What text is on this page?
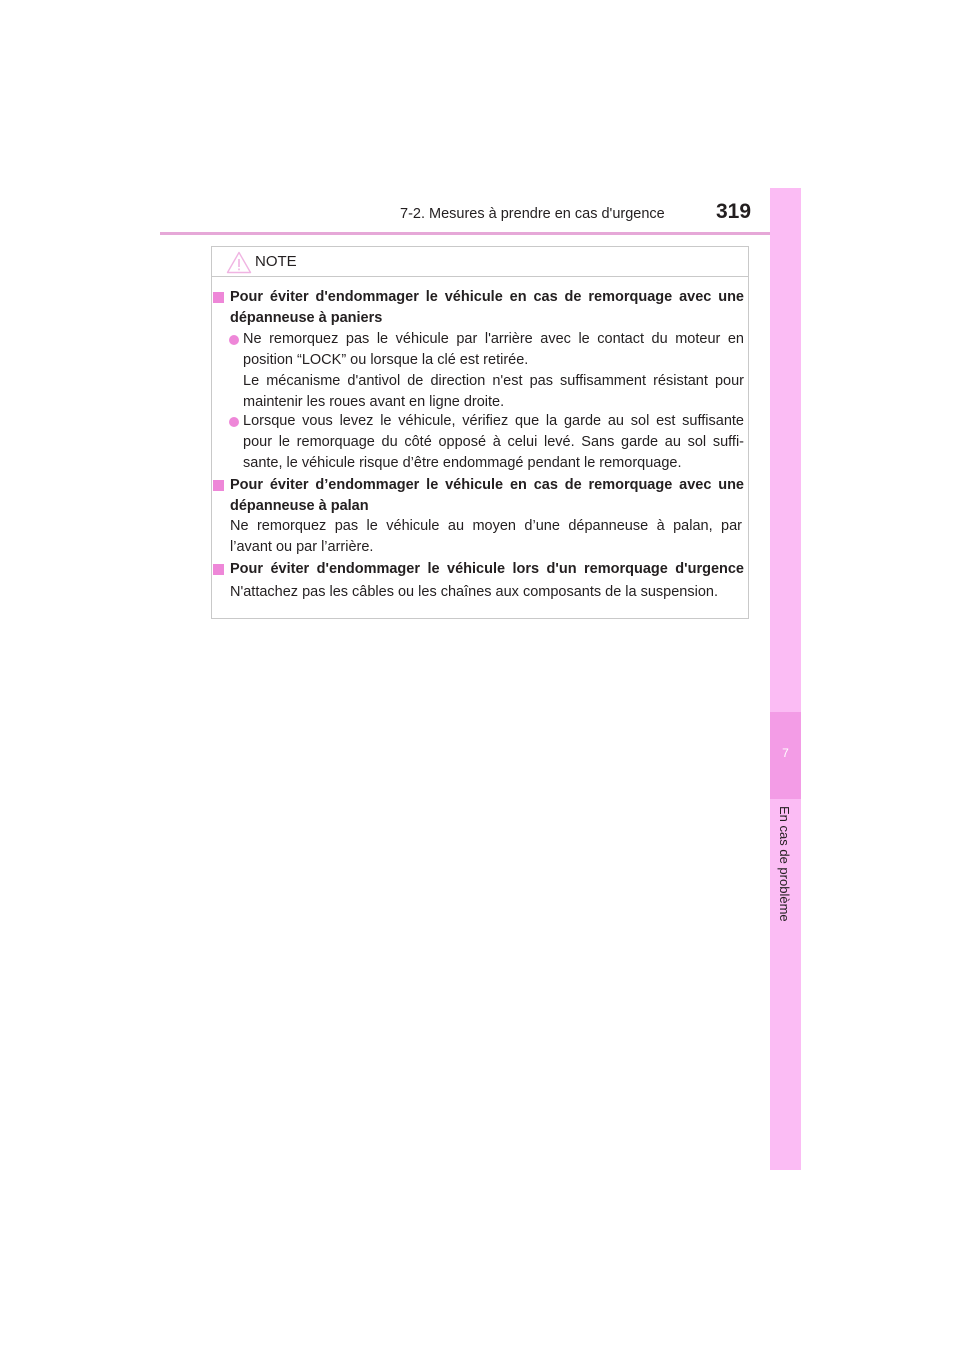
7-2. Mesures à prendre en cas d'urgence 319
7
En cas de problème
NOTE
Pour éviter d'endommager le véhicule en cas de remorquage avec une
dépanneuse à paniers
Ne remorquez pas le véhicule par l'arrière avec le contact du moteur en
position “LOCK” ou lorsque la clé est retirée.
Le mécanisme d'antivol de direction n'est pas suffisamment résistant pour
maintenir les roues avant en ligne droite.
Lorsque vous levez le véhicule, vérifiez que la garde au sol est suffisante
pour le remorquage du côté opposé à celui levé. Sans garde au sol suffi-
sante, le véhicule risque d’être endommagé pendant le remorquage.
Pour éviter d’endommager le véhicule en cas de remorquage avec une
dépanneuse à palan
Ne remorquez pas le véhicule au moyen d’une dépanneuse à palan, par
l’avant ou par l’arrière.
Pour éviter d'endommager le véhicule lors d'un remorquage d'urgence
N'attachez pas les câbles ou les chaînes aux composants de la suspension.
